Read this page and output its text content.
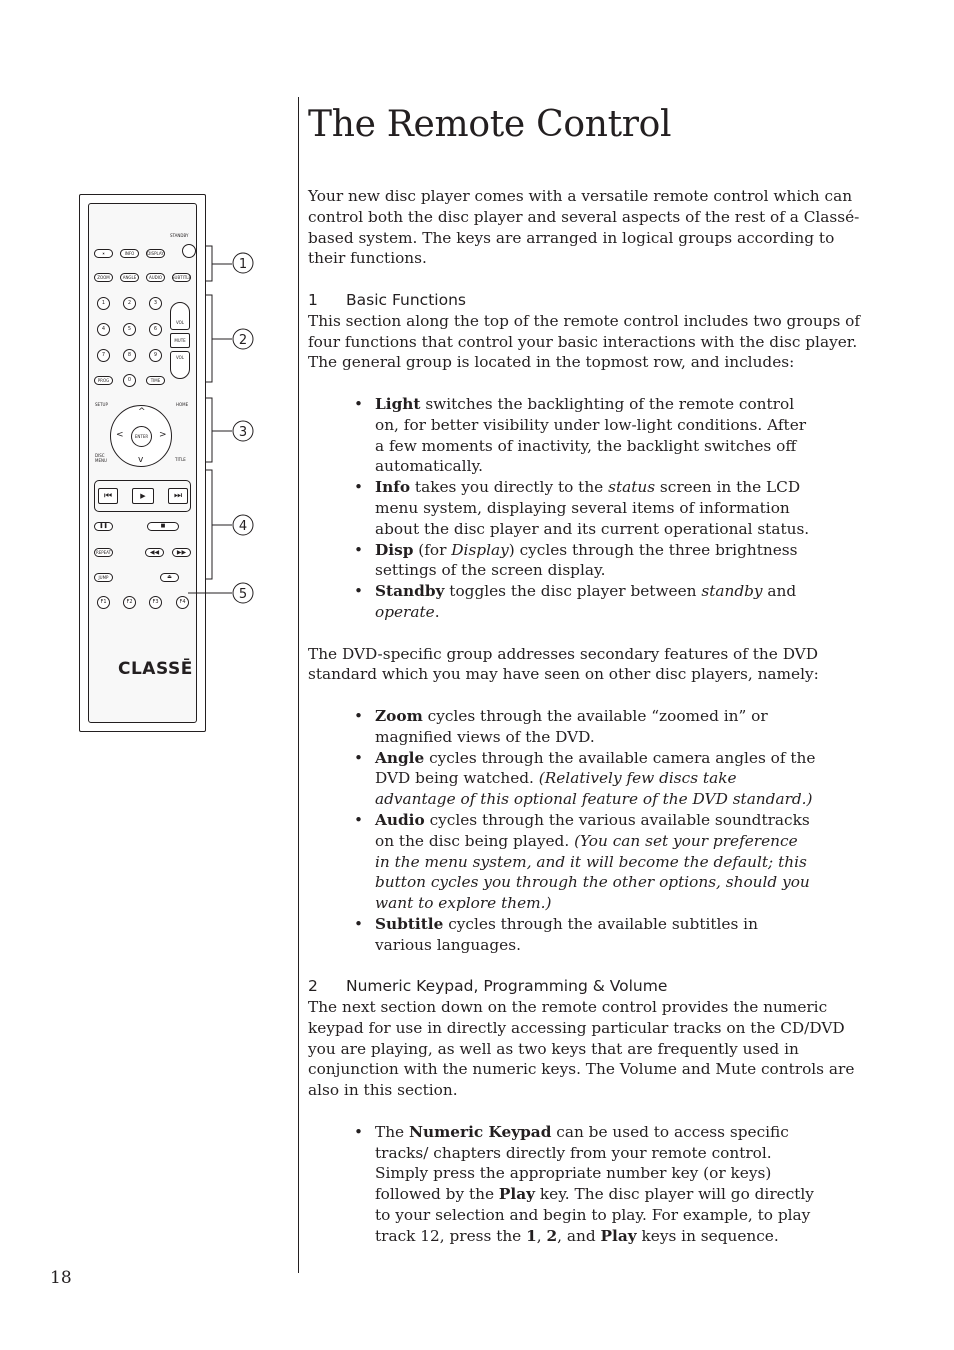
The Remote Control
18
STANDBY
☀	INFO	DISPLAY
ZOOM	ANGLE	AUDIO	SUBTITLE
1	2	3
4	5	6
7	8	9
PROG	0	TIME
VOL
MUTE
VOL
SETUP	HOME
DISC MENU	TITLE
^
v
<	>
ENTER
⏮	▶	⏭
❚❚	■
REPEAT	◀◀	▶▶
JUMP	⏏
F1	F2	F3	F4
CLASSĒ
1
2
3
4
5

Your new disc player comes with a versatile remote control which can control both the disc player and several aspects of the rest of a Classé-based system. The keys are arranged in logical groups according to their functions.

1	Basic Functions

This section along the top of the remote control includes two groups of four functions that control your basic interactions with the disc player. The general group is located in the topmost row, and includes:

• Light switches the backlighting of the remote control on, for better visibility under low-light conditions. After a few moments of inactivity, the backlight switches off automatically.
• Info takes you directly to the status screen in the LCD menu system, displaying several items of information about the disc player and its current operational status.
• Disp (for Display) cycles through the three brightness settings of the screen display.
• Standby toggles the disc player between standby and operate.

The DVD-specific group addresses secondary features of the DVD standard which you may have seen on other disc players, namely:

• Zoom cycles through the available “zoomed in” or magnified views of the DVD.
• Angle cycles through the available camera angles of the DVD being watched. (Relatively few discs take advantage of this optional feature of the DVD standard.)
• Audio cycles through the various available soundtracks on the disc being played. (You can set your preference in the menu system, and it will become the default; this button cycles you through the other options, should you want to explore them.)
• Subtitle cycles through the available subtitles in various languages.
2	Numeric Keypad, Programming & Volume

The next section down on the remote control provides the numeric keypad for use in directly accessing particular tracks on the CD/DVD you are playing, as well as two keys that are frequently used in conjunction with the numeric keys. The Volume and Mute controls are also in this section.

• The Numeric Keypad can be used to access specific tracks/ chapters directly from your remote control. Simply press the appropriate number key (or keys) followed by the Play key. The disc player will go directly to your selection and begin to play. For example, to play track 12, press the 1, 2, and Play keys in sequence.
